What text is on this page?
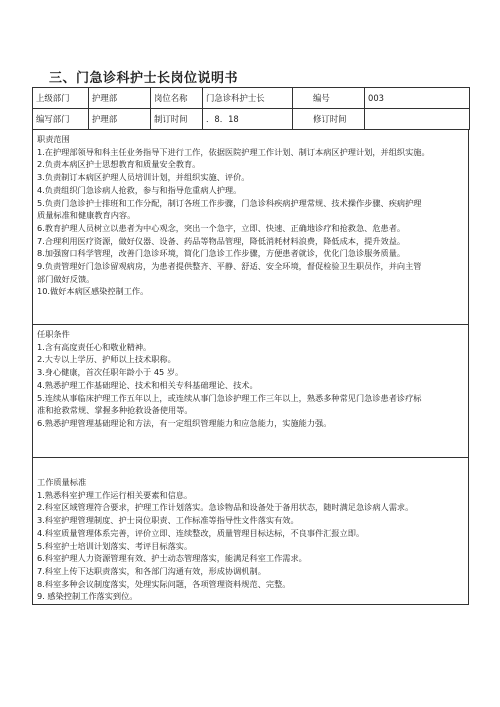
三、门急诊科护士长岗位说明书
上级部门	护理部	岗位名称	门急诊科护士长	编号	003
编写部门	护理部	制订时间	．8．18	修订时间	
职责范围
1.在护理部领导和科主任业务指导下进行工作，依据医院护理工作计划、制订本病区护理计划，并组织实施。
2.负责本病区护士思想教育和质量安全教育。
3.负责制订本病区护理人员培训计划，并组织实施、评价。
4.负责组织门急诊病人抢救，参与和指导危重病人护理。
5.负责门急诊护士排班和工作分配，制订各班工作步骤，门急诊科疾病护理常规、技术操作步骤、疾病护理
质量标准和健康教育内容。
6.教育护理人员树立以患者为中心观念，突出一个急字，立即、快速、正确地诊疗和抢救急、危患者。
7.合理利用医疗资源，做好仪器、设备、药品等物品管理，降低消耗材料浪费，降低成本，提升效益。
8.加强窗口科学管理，改善门急诊环境，简化门急诊工作步骤，方便患者就诊，优化门急诊服务质量。
9.负责管理好门急诊留观病房，为患者提供整齐、平静、舒适、安全环境，督促检验卫生职员作，并向主管
部门做好反馈。
10.做好本病区感染控制工作。
任职条件
1.含有高度责任心和敬业精神。
2.大专以上学历、护师以上技术职称。
3.身心健康，首次任职年龄小于 45 岁。
4.熟悉护理工作基础理论、技术和相关专科基础理论、技术。
5.连续从事临床护理工作五年以上，或连续从事门急诊护理工作三年以上，熟悉多种常见门急诊患者诊疗标
准和抢救常规、掌握多种抢救设备使用等。
6.熟悉护理管理基础理论和方法，有一定组织管理能力和应急能力，实施能力强。
工作质量标准
1.熟悉科室护理工作运行相关要素和信息。
2.科室区域管理符合要求，护理工作计划落实。急诊物品和设备处于备用状态，随时满足急诊病人需求。
3.科室护理管理制度、护士岗位职责、工作标准等指导性文件落实有效。
4.科室质量管理体系完善，评价立即、连续整改，质量管理目标达标，不良事件汇报立即。
5.科室护士培训计划落实、考评目标落实。
6.科室护理人力资源管理有效、护士动态管理落实，能满足科室工作需求。
7.科室上传下达职责落实，和各部门沟通有效，形成协调机制。
8.科室多种会议制度落实，处理实际问题，各项管理资料规范、完整。
9. 感染控制工作落实到位。
